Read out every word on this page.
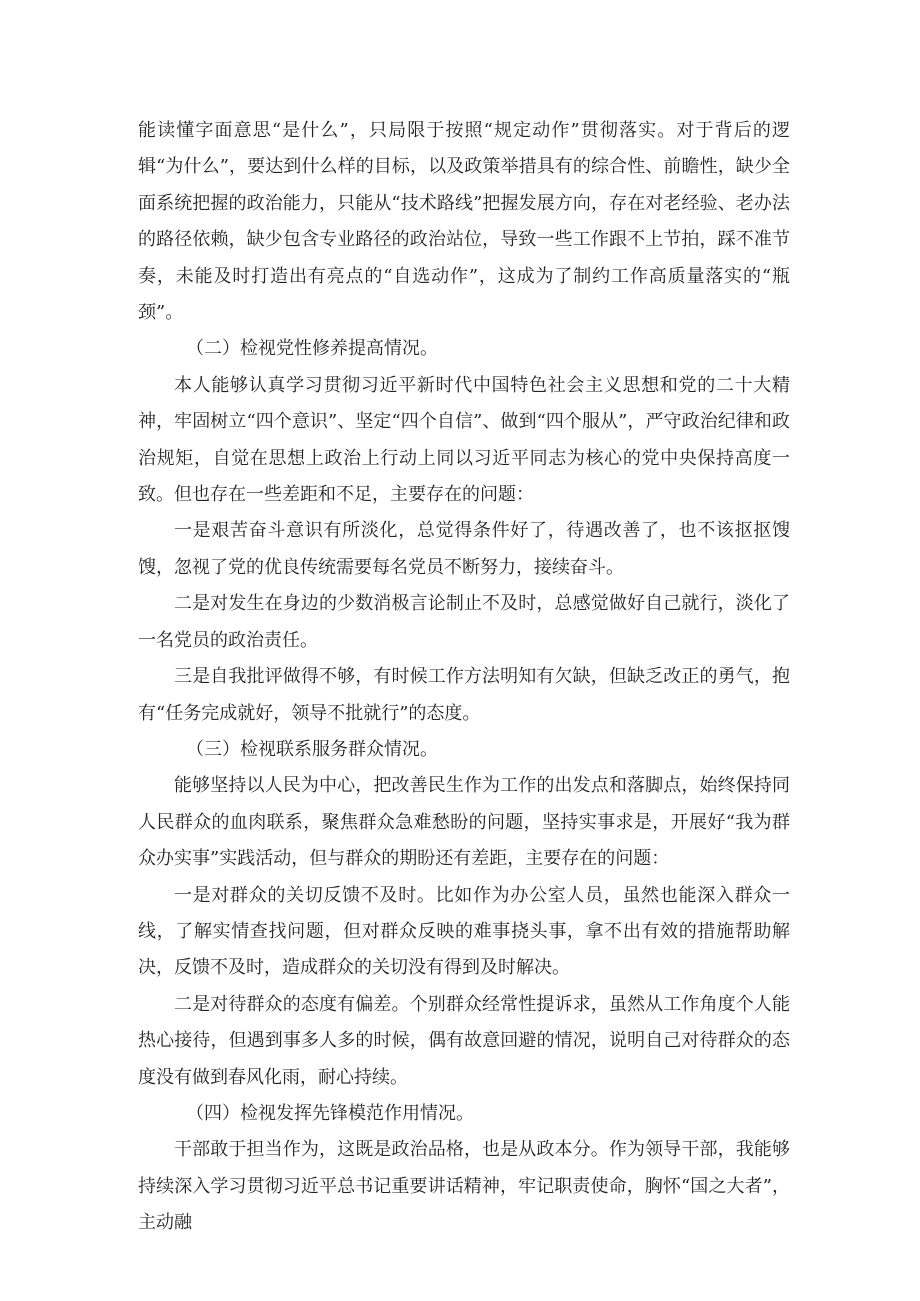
能读懂字面意思“是什么”，只局限于按照“规定动作”贯彻落实。对于背后的逻辑“为什么”，要达到什么样的目标，以及政策举措具有的综合性、前瞻性，缺少全面系统把握的政治能力，只能从“技术路线”把握发展方向，存在对老经验、老办法的路径依赖，缺少包含专业路径的政治站位，导致一些工作跟不上节拍，踩不准节奏，未能及时打造出有亮点的“自选动作”，这成为了制约工作高质量落实的“瓶颈”。

（二）检视党性修养提高情况。

本人能够认真学习贯彻习近平新时代中国特色社会主义思想和党的二十大精神，牢固树立“四个意识”、坚定“四个自信”、做到“四个服从”，严守政治纪律和政治规矩，自觉在思想上政治上行动上同以习近平同志为核心的党中央保持高度一致。但也存在一些差距和不足，主要存在的问题：

一是艰苦奋斗意识有所淡化，总觉得条件好了，待遇改善了，也不该抠抠馊馊，忽视了党的优良传统需要每名党员不断努力，接续奋斗。

二是对发生在身边的少数消极言论制止不及时，总感觉做好自己就行，淡化了一名党员的政治责任。

三是自我批评做得不够，有时候工作方法明知有欠缺，但缺乏改正的勇气，抱有“任务完成就好，领导不批就行”的态度。

（三）检视联系服务群众情况。

能够坚持以人民为中心，把改善民生作为工作的出发点和落脚点，始终保持同人民群众的血肉联系，聚焦群众急难愁盼的问题，坚持实事求是，开展好“我为群众办实事”实践活动，但与群众的期盼还有差距，主要存在的问题：

一是对群众的关切反馈不及时。比如作为办公室人员，虽然也能深入群众一线，了解实情查找问题，但对群众反映的难事挠头事，拿不出有效的措施帮助解决，反馈不及时，造成群众的关切没有得到及时解决。

二是对待群众的态度有偏差。个别群众经常性提诉求，虽然从工作角度个人能热心接待，但遇到事多人多的时候，偶有故意回避的情况，说明自己对待群众的态度没有做到春风化雨，耐心持续。

（四）检视发挥先锋模范作用情况。

干部敢于担当作为，这既是政治品格，也是从政本分。作为领导干部，我能够持续深入学习贯彻习近平总书记重要讲话精神，牢记职责使命，胸怀“国之大者”，主动融
